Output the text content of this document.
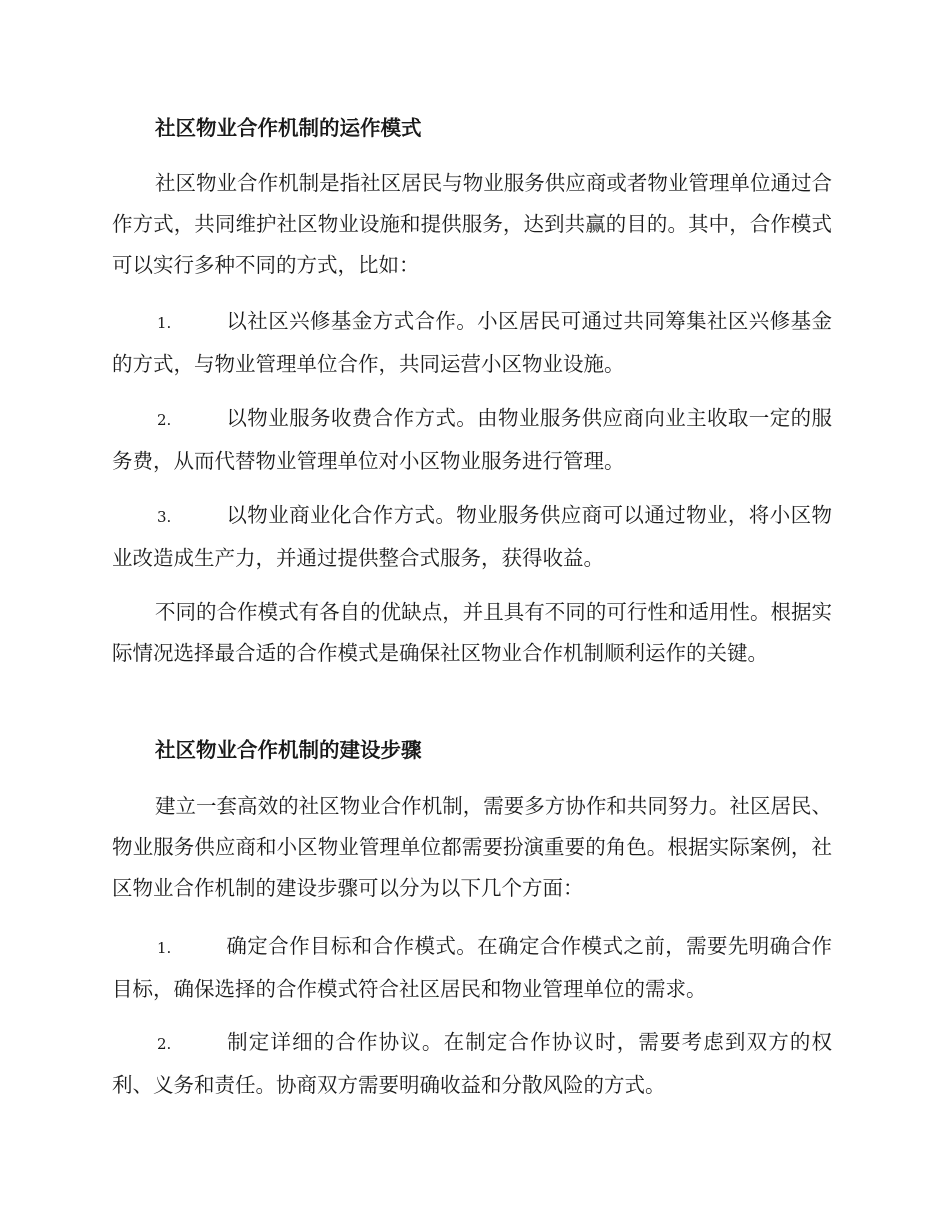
社区物业合作机制的运作模式
社区物业合作机制是指社区居民与物业服务供应商或者物业管理单位通过合作方式，共同维护社区物业设施和提供服务，达到共赢的目的。其中，合作模式可以实行多种不同的方式，比如：
1.	以社区兴修基金方式合作。小区居民可通过共同筹集社区兴修基金的方式，与物业管理单位合作，共同运营小区物业设施。
2.	以物业服务收费合作方式。由物业服务供应商向业主收取一定的服务费，从而代替物业管理单位对小区物业服务进行管理。
3.	以物业商业化合作方式。物业服务供应商可以通过物业，将小区物业改造成生产力，并通过提供整合式服务，获得收益。
不同的合作模式有各自的优缺点，并且具有不同的可行性和适用性。根据实际情况选择最合适的合作模式是确保社区物业合作机制顺利运作的关键。
社区物业合作机制的建设步骤
建立一套高效的社区物业合作机制，需要多方协作和共同努力。社区居民、物业服务供应商和小区物业管理单位都需要扮演重要的角色。根据实际案例，社区物业合作机制的建设步骤可以分为以下几个方面：
1.	确定合作目标和合作模式。在确定合作模式之前，需要先明确合作目标，确保选择的合作模式符合社区居民和物业管理单位的需求。
2.	制定详细的合作协议。在制定合作协议时，需要考虑到双方的权利、义务和责任。协商双方需要明确收益和分散风险的方式。
